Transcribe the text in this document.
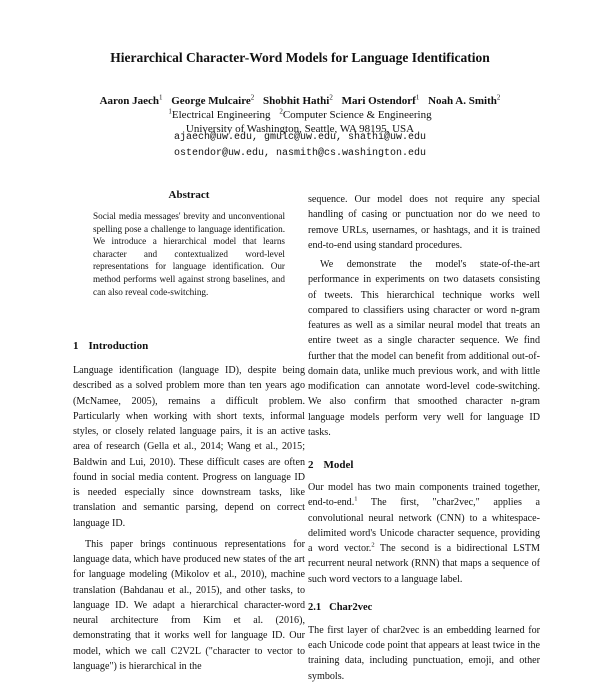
Hierarchical Character-Word Models for Language Identification
Aaron Jaech$^1$ George Mulcaire$^2$ Shobhit Hathi$^2$ Mari Ostendorf$^1$ Noah A. Smith$^2$
$^1$Electrical Engineering $^2$Computer Science & Engineering
University of Washington, Seattle, WA 98195, USA
ajaech@uw.edu, gmulc@uw.edu, shathi@uw.edu
ostendor@uw.edu, nasmith@cs.washington.edu
Abstract

Social media messages' brevity and unconventional spelling pose a challenge to language identification. We introduce a hierarchical model that learns character and contextualized word-level representations for language identification. Our method performs well against strong baselines, and can also reveal code-switching.

1 Introduction

Language identification (language ID), despite being described as a solved problem more than ten years ago (McNamee, 2005), remains a difficult problem. Particularly when working with short texts, informal styles, or closely related language pairs, it is an active area of research (Gella et al., 2014; Wang et al., 2015; Baldwin and Lui, 2010). These difficult cases are often found in social media content. Progress on language ID is needed especially since downstream tasks, like translation and semantic parsing, depend on correct language ID.

This paper brings continuous representations for language data, which have produced new states of the art for language modeling (Mikolov et al., 2010), machine translation (Bahdanau et al., 2015), and other tasks, to language ID. We adapt a hierarchical character-word neural architecture from Kim et al. (2016), demonstrating that it works well for language ID. Our model, which we call C2V2L ("character to vector to language") is hierarchical in the

sequence. Our model does not require any special handling of casing or punctuation nor do we need to remove URLs, usernames, or hashtags, and it is trained end-to-end using standard procedures.

We demonstrate the model's state-of-the-art performance in experiments on two datasets consisting of tweets. This hierarchical technique works well compared to classifiers using character or word n-gram features as well as a similar neural model that treats an entire tweet as a single character sequence. We find further that the model can benefit from additional out-of-domain data, unlike much previous work, and with little modification can annotate word-level code-switching. We also confirm that smoothed character n-gram language models perform very well for language ID tasks.

2 Model

Our model has two main components trained together, end-to-end.$^1$ The first, "char2vec," applies a convolutional neural network (CNN) to a whitespace-delimited word's Unicode character sequence, providing a word vector.$^2$ The second is a bidirectional LSTM recurrent neural network (RNN) that maps a sequence of such word vectors to a language label.

2.1 Char2vec

The first layer of char2vec is an embedding learned for each Unicode code point that appears at least twice in the training data, including punctuation, emoji, and other symbols.
